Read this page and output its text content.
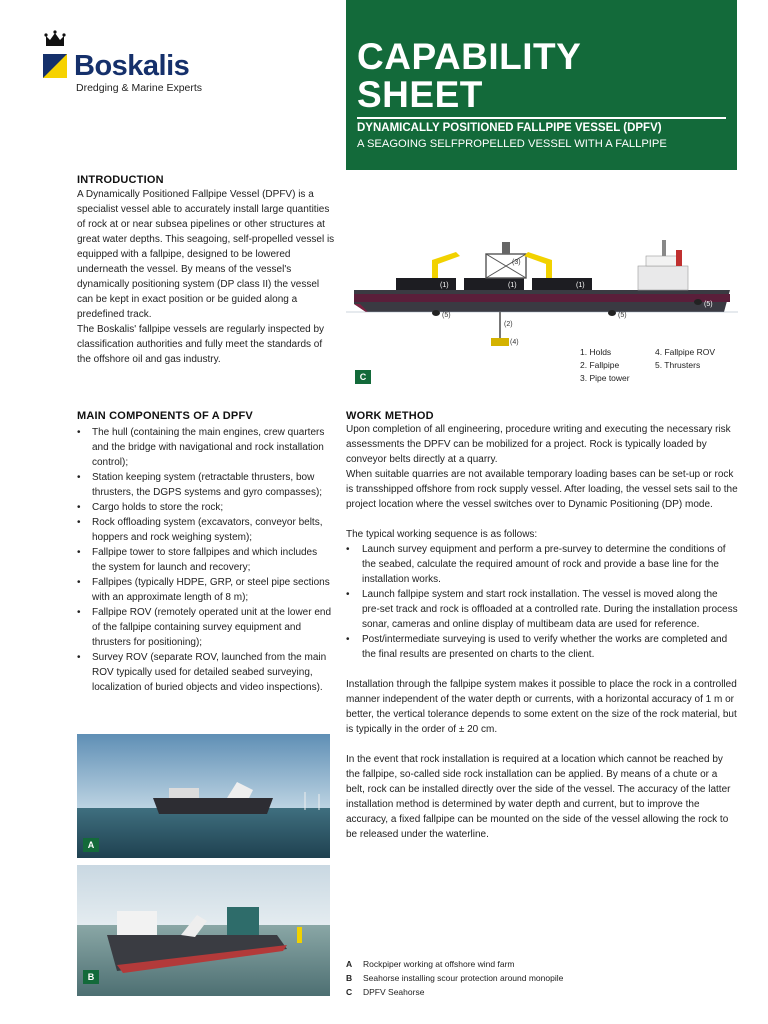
Boskalis
Dredging & Marine Experts
CAPABILITY
SHEET
DYNAMICALLY POSITIONED FALLPIPE VESSEL (DPFV)
A SEAGOING SELFPROPELLED VESSEL WITH A FALLPIPE
INTRODUCTION

A Dynamically Positioned Fallpipe Vessel (DPFV) is a specialist vessel able to accurately install large quantities of rock at or near subsea pipelines or other structures at great water depths. This seagoing, self-propelled vessel is equipped with a fallpipe, designed to be lowered underneath the vessel. By means of the vessel's dynamically positioning system (DP class II) the vessel can be kept in exact position or be guided along a predefined track.

The Boskalis' fallpipe vessels are regularly inspected by classification authorities and fully meet the standards of the offshore oil and gas industry.

(1)	(1)	(1)
(2)
(3)
(4)
(5)	(5)
(5)
C
1. Holds
2. Fallpipe
3. Pipe tower
4. Fallpipe ROV
5. Thrusters
MAIN COMPONENTS OF A DPFV
• The hull (containing the main engines, crew quarters and the bridge with navigational and rock installation control);
• Station keeping system (retractable thrusters, bow thrusters, the DGPS systems and gyro compasses);
• Cargo holds to store the rock;
• Rock offloading system (excavators, conveyor belts, hoppers and rock weighing system);
• Fallpipe tower to store fallpipes and which includes the system for launch and recovery;
• Fallpipes (typically HDPE, GRP, or steel pipe sections with an approximate length of 8 m);
• Fallpipe ROV (remotely operated unit at the lower end of the fallpipe containing survey equipment and thrusters for positioning);
• Survey ROV (separate ROV, launched from the main ROV typically used for detailed seabed surveying, localization of buried objects and video inspections).
WORK METHOD

Upon completion of all engineering, procedure writing and executing the necessary risk assessments the DPFV can be mobilized for a project. Rock is typically loaded by conveyor belts directly at a quarry.

When suitable quarries are not available temporary loading bases can be set-up or rock is transshipped offshore from rock supply vessel. After loading, the vessel sets sail to the project location where the vessel switches over to Dynamic Positioning (DP) mode.

The typical working sequence is as follows:

• Launch survey equipment and perform a pre-survey to determine the conditions of the seabed, calculate the required amount of rock and provide a base line for the installation works.
• Launch fallpipe system and start rock installation. The vessel is moved along the pre-set track and rock is offloaded at a controlled rate. During the installation process sonar, cameras and online display of multibeam data are used for reference.
• Post/intermediate surveying is used to verify whether the works are completed and the final results are presented on charts to the client.

Installation through the fallpipe system makes it possible to place the rock in a controlled manner independent of the water depth or currents, with a horizontal accuracy of 1 m or better, the vertical tolerance depends to some extent on the size of the rock material, but is typically in the order of ± 20 cm.

In the event that rock installation is required at a location which cannot be reached by the fallpipe, so-called side rock installation can be applied. By means of a chute or a belt, rock can be installed directly over the side of the vessel. The accuracy of the latter installation method is determined by water depth and current, but to improve the accuracy, a fixed fallpipe can be mounted on the side of the vessel allowing the rock to be released under the waterline.

A
B
A Rockpiper working at offshore wind farm
B Seahorse installing scour protection around monopile
C DPFV Seahorse
